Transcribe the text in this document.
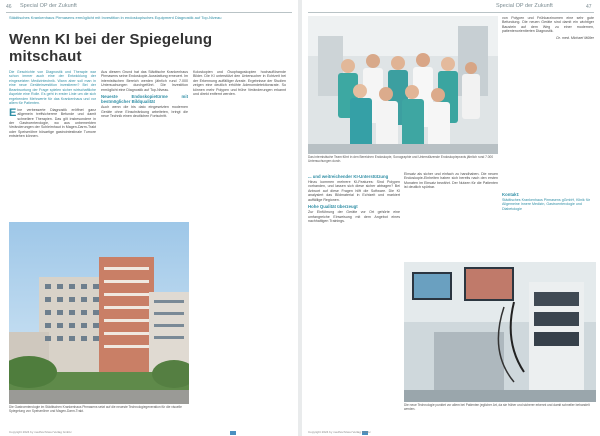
46 Special OP der Zukunft
Städtisches Krankenhaus Pirmasens ermöglicht mit Investition in endoskopisches Equipment Diagnostik auf Top-Niveau
Wenn KI bei der Spiegelung
mitschaut

Die Geschichte von Diagnostik und Therapie war schon immer auch eine der Entwicklung der eingesetzten Medizintechnik. Wann aber soll man in eine neue Geräteinvestition investieren? Bei der Beantwortung der Frage spielen sicher wirtschaftliche Aspekte eine Rolle. Es geht in erster Linie um die sich ergebenden Mehrwerte für das Krankenhaus und vor allem für Patienten.

Eine verbesserte Diagnostik eröffnet ganz allgemein treffsicherere Befunde und damit schnellere Therapien. Das gilt insbesondere in der Gastroenterologie, wo aus unbemerkten Veränderungen der Schleimhaut in Magen-Darm-Trakt oder Speiseröhre bösartige gastrointestinale Tumore entstehen können.

Aus diesem Grund hat das Städtische Krankenhaus Pirmasens seine Endoskopie-Ausstattung erneuert. Im internistischen Bereich werden jährlich rund 7.000 Untersuchungen durchgeführt. Die Investition ermöglicht eine Diagnostik auf Top-Niveau.

Neueste Endoskopietürme mit bestmöglicher Bildqualität

Auch wenn die bis dato eingesetzten modernen Geräte ohne Einschränkung arbeiteten, bringt die neue Technik einen deutlichen Fortschritt.

Koloskopien und Ösophagoskopien hochauflösende Bilder. Die KI unterstützt den Untersucher in Echtzeit bei der Erkennung auffälliger Areale. Ergebnisse der Studien zeigen eine deutlich erhöhte Adenomdetektionsrate. So können mehr Polypen und frühe Veränderungen erkannt und direkt entfernt werden.

Die Gastroenterologie im Städtischen Krankenhaus Pirmasens setzt auf die neueste Technologiegeneration für die visuelle Spiegelung von Speiseröhre und Magen-Darm-Trakt.
Copyright 2024 by medhochzwei Verlag GmbH
Special OP der Zukunft	47
Das internistische Team führt in den Bereichen Endoskopie, Sonographie und Unterstützende Endoskopiepraxis jährlich rund 7.000 Untersuchungen durch.
... und weitreichender KI-Unterstützung

Hinzu kommen mehrere KI-Features: Sind Polypen vorhanden, und lassen sich diese sicher abtragen? Bei Antwort auf diese Fragen hilft die Software. Die KI analysiert das Bildmaterial in Echtzeit und markiert auffällige Regionen.

Hohe Qualität überzeugt

Zur Einführung der Geräte vor Ort gehörte eine umfangreiche Einweisung mit dem Angebot eines nachhaltigen Trainings.

Einsatz als sicher und einfach zu handhaben. Die neuen Endoskopie-Einheiten haben sich bereits nach den ersten Monaten im Einsatz bewährt. Der Nutzen für die Patienten ist deutlich spürbar.

von Polypen und Frühkarzinomen eine sehr gute Befundung. Die neuen Geräte sind damit ein wichtiger Baustein auf dem Weg zu einer modernen, patientenorientierten Diagnostik.

Dr. med. Michael Müller

Kontakt:

Städtisches Krankenhaus Pirmasens gGmbH, Klinik für Allgemeine Innere Medizin, Gastroenterologie und Diabetologie

Die neue Technologie punktet vor allem bei Patienten jeglicher Art, da sie früher und sicherer erkennt und damit schneller behandelt werden.
Copyright 2024 by medhochzwei Verlag GmbH
